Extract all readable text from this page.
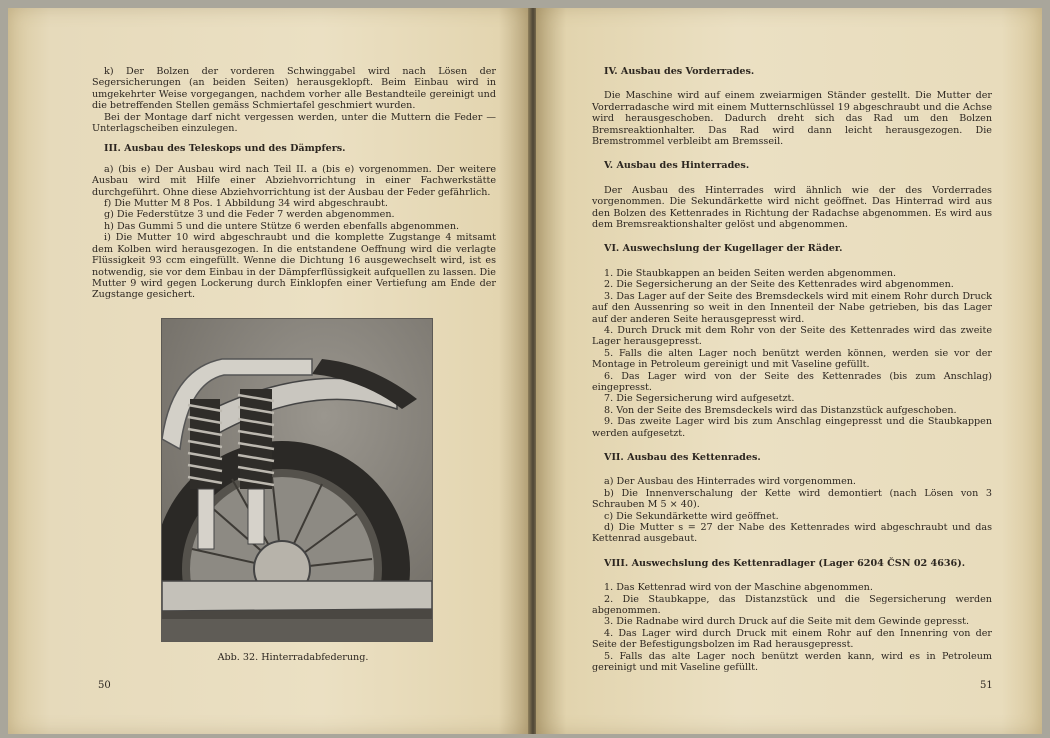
k) Der Bolzen der vorderen Schwinggabel wird nach Lösen der Segersicherungen (an beiden Seiten) herausgeklopft. Beim Einbau wird in umgekehrter Weise vorgegangen, nachdem vorher alle Bestandteile gereinigt und die betreffenden Stellen gemäss Schmiertafel geschmiert wurden.

Bei der Montage darf nicht vergessen werden, unter die Muttern die Feder — Unterlagscheiben einzulegen.

III. Ausbau des Teleskops und des Dämpfers.

a) (bis e) Der Ausbau wird nach Teil II. a (bis e) vorgenommen. Der weitere Ausbau wird mit Hilfe einer Abziehvorrichtung in einer Fachwerkstätte durchgeführt. Ohne diese Abziehvorrichtung ist der Ausbau der Feder gefährlich.

f) Die Mutter M 8 Pos. 1 Abbildung 34 wird abgeschraubt.

g) Die Federstütze 3 und die Feder 7 werden abgenommen.

h) Das Gummi 5 und die untere Stütze 6 werden ebenfalls abgenommen.

i) Die Mutter 10 wird abgeschraubt und die komplette Zugstange 4 mitsamt dem Kolben wird herausgezogen. In die entstandene Oeffnung wird die verlagte Flüssigkeit 93 ccm eingefüllt. Wenne die Dichtung 16 ausgewechselt wird, ist es notwendig, sie vor dem Einbau in der Dämpferflüssigkeit aufquellen zu lassen. Die Mutter 9 wird gegen Lockerung durch Einklopfen einer Vertiefung am Ende der Zugstange gesichert.

Abb. 32. Hinterradabfederung.
50
IV. Ausbau des Vorderrades.

Die Maschine wird auf einem zweiarmigen Ständer gestellt. Die Mutter der Vorderradasche wird mit einem Mutternschlüssel 19 abgeschraubt und die Achse wird herausgeschoben. Dadurch dreht sich das Rad um den Bolzen Bremsreaktionhalter. Das Rad wird dann leicht herausgezogen. Die Bremstrommel verbleibt am Bremsseil.

V. Ausbau des Hinterrades.

Der Ausbau des Hinterrades wird ähnlich wie der des Vorderrades vorgenommen. Die Sekundärkette wird nicht geöffnet. Das Hinterrad wird aus den Bolzen des Kettenrades in Richtung der Radachse abgenommen. Es wird aus dem Bremsreaktionshalter gelöst und abgenommen.

VI. Auswechslung der Kugellager der Räder.

1. Die Staubkappen an beiden Seiten werden abgenommen.

2. Die Segersicherung an der Seite des Kettenrades wird abgenommen.

3. Das Lager auf der Seite des Bremsdeckels wird mit einem Rohr durch Druck auf den Aussenring so weit in den Innenteil der Nabe getrieben, bis das Lager auf der anderen Seite herausgepresst wird.

4. Durch Druck mit dem Rohr von der Seite des Kettenrades wird das zweite Lager herausgepresst.

5. Falls die alten Lager noch benützt werden können, werden sie vor der Montage in Petroleum gereinigt und mit Vaseline gefüllt.

6. Das Lager wird von der Seite des Kettenrades (bis zum Anschlag) eingepresst.

7. Die Segersicherung wird aufgesetzt.

8. Von der Seite des Bremsdeckels wird das Distanzstück aufgeschoben.

9. Das zweite Lager wird bis zum Anschlag eingepresst und die Staubkappen werden aufgesetzt.

VII. Ausbau des Kettenrades.

a) Der Ausbau des Hinterrades wird vorgenommen.

b) Die Innenverschalung der Kette wird demontiert (nach Lösen von 3 Schrauben M 5 × 40).

c) Die Sekundärkette wird geöffnet.

d) Die Mutter s = 27 der Nabe des Kettenrades wird abgeschraubt und das Kettenrad ausgebaut.

VIII. Auswechslung des Kettenradlager (Lager 6204 ČSN 02 4636).

1. Das Kettenrad wird von der Maschine abgenommen.

2. Die Staubkappe, das Distanzstück und die Segersicherung werden abgenommen.

3. Die Radnabe wird durch Druck auf die Seite mit dem Gewinde gepresst.

4. Das Lager wird durch Druck mit einem Rohr auf den Innenring von der Seite der Befestigungsbolzen im Rad herausgepresst.

5. Falls das alte Lager noch benützt werden kann, wird es in Petroleum gereinigt und mit Vaseline gefüllt.

51
